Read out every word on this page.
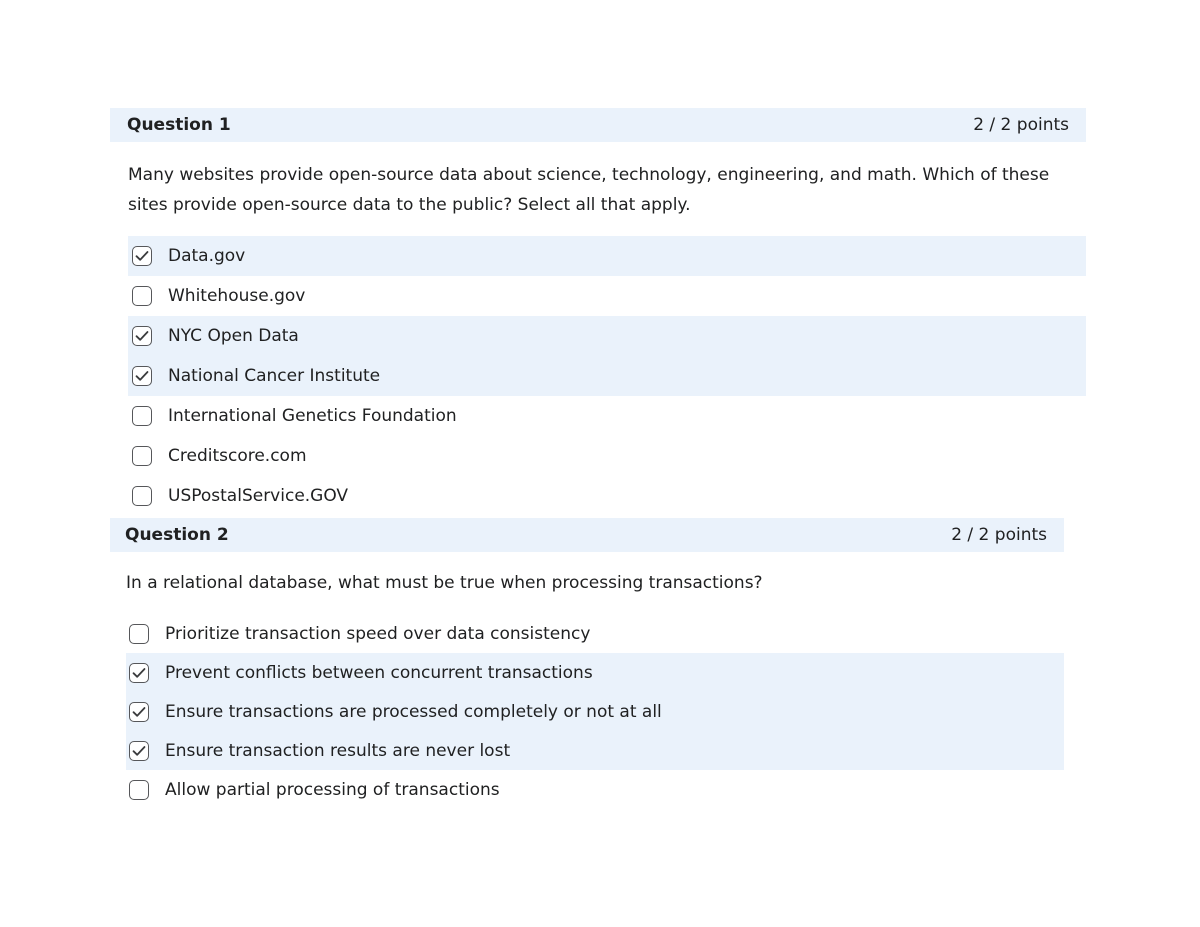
Question 1	2 / 2 points
Many websites provide open-source data about science, technology, engineering, and math. Which of these sites provide open-source data to the public? Select all that apply.
Data.gov
Whitehouse.gov
NYC Open Data
National Cancer Institute
International Genetics Foundation
Creditscore.com
USPostalService.GOV
Question 2	2 / 2 points
In a relational database, what must be true when processing transactions?
Prioritize transaction speed over data consistency
Prevent conflicts between concurrent transactions
Ensure transactions are processed completely or not at all
Ensure transaction results are never lost
Allow partial processing of transactions
